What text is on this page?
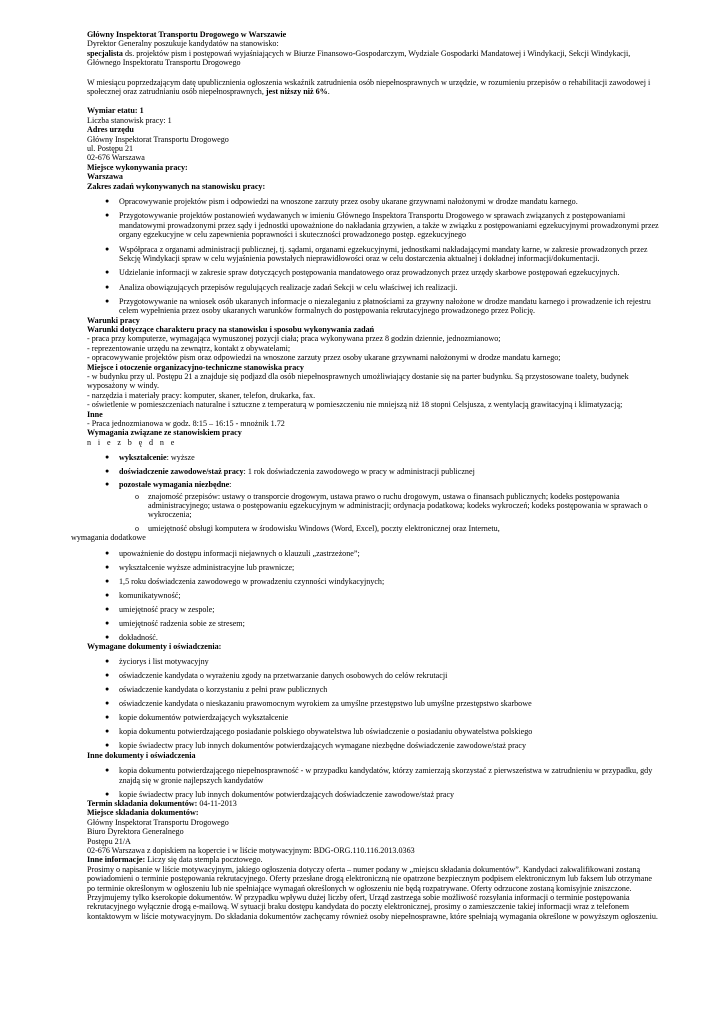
Główny Inspektorat Transportu Drogowego w Warszawie

Dyrektor Generalny poszukuje kandydatów na stanowisko:

specjalista ds. projektów pism i postępowań wyjaśniających w Biurze Finansowo-Gospodarczym, Wydziale Gospodarki Mandatowej i Windykacji, Sekcji Windykacji, Głównego Inspektoratu Transportu Drogowego

W miesiącu poprzedzającym datę upublicznienia ogłoszenia wskaźnik zatrudnienia osób niepełnosprawnych w urzędzie, w rozumieniu przepisów o rehabilitacji zawodowej i społecznej oraz zatrudnianiu osób niepełnosprawnych, jest niższy niż 6%.

Wymiar etatu: 1

Liczba stanowisk pracy: 1

Adres urzędu

Główny Inspektorat Transportu Drogowego

ul. Postępu 21

02-676 Warszawa

Miejsce wykonywania pracy:

Warszawa

Zakres zadań wykonywanych na stanowisku pracy:

● Opracowywanie projektów pism i odpowiedzi na wnoszone zarzuty przez osoby ukarane grzywnami nałożonymi w drodze mandatu karnego.
● Przygotowywanie projektów postanowień wydawanych w imieniu Głównego Inspektora Transportu Drogowego w sprawach związanych z postępowaniami mandatowymi prowadzonymi przez sądy i jednostki upoważnione do nakładania grzywien, a także w związku z postępowaniami egzekucyjnymi prowadzonymi przez organy egzekucyjne w celu zapewnienia poprawności i skuteczności prowadzonego postęp. egzekucyjnego
● Współpraca z organami administracji publicznej, tj. sądami, organami egzekucyjnymi, jednostkami nakładającymi mandaty karne, w zakresie prowadzonych przez Sekcję Windykacji spraw w celu wyjaśnienia powstałych nieprawidłowości oraz w celu dostarczenia aktualnej i dokładnej informacji/dokumentacji.
● Udzielanie informacji w zakresie spraw dotyczących postępowania mandatowego oraz prowadzonych przez urzędy skarbowe postępowań egzekucyjnych.
● Analiza obowiązujących przepisów regulujących realizacje zadań Sekcji w celu właściwej ich realizacji.
● Przygotowywanie na wniosek osób ukaranych informacje o niezaleganiu z płatnościami za grzywny nałożone w drodze mandatu karnego i prowadzenie ich rejestru celem wypełnienia przez osoby ukaranych warunków formalnych do postępowania rekrutacyjnego prowadzonego przez Policję.

Warunki pracy

Warunki dotyczące charakteru pracy na stanowisku i sposobu wykonywania zadań

- praca przy komputerze, wymagająca wymuszonej pozycji ciała; praca wykonywana przez 8 godzin dziennie, jednozmianowo;

- reprezentowanie urzędu na zewnątrz, kontakt z obywatelami;

- opracowywanie projektów pism oraz odpowiedzi na wnoszone zarzuty przez osoby ukarane grzywnami nałożonymi w drodze mandatu karnego;

Miejsce i otoczenie organizacyjno-techniczne stanowiska pracy

- w budynku przy ul. Postępu 21 a znajduje się podjazd dla osób niepełnosprawnych umożliwiający dostanie się na parter budynku. Są przystosowane toalety, budynek wyposażony w windy.

- narzędzia i materiały pracy: komputer, skaner, telefon, drukarka, fax.

- oświetlenie w pomieszczeniach naturalne i sztuczne z temperaturą w pomieszczeniu nie mniejszą niż 18 stopni Celsjusza, z wentylacją grawitacyjną i klimatyzacją;

Inne

- Praca jednozmianowa w godz. 8:15 – 16:15 - mnożnik 1.72

Wymagania związane ze stanowiskiem pracy

n i e z b ę d n e

● wykształcenie: wyższe
● doświadczenie zawodowe/staż pracy: 1 rok doświadczenia zawodowego w pracy w administracji publicznej
● pozostałe wymagania niezbędne:
o znajomość przepisów: ustawy o transporcie drogowym, ustawa prawo o ruchu drogowym, ustawa o finansach publicznych; kodeks postępowania administracyjnego; ustawa o postępowaniu egzekucyjnym w administracji; ordynacja podatkowa; kodeks wykroczeń; kodeks postępowania w sprawach o wykroczenia;
o umiejętność obsługi komputera w środowisku Windows (Word, Excel), poczty elektronicznej oraz Internetu,

wymagania dodatkowe

● upoważnienie do dostępu informacji niejawnych o klauzuli „zastrzeżone”;
● wykształcenie wyższe administracyjne lub prawnicze;
● 1,5 roku doświadczenia zawodowego w prowadzeniu czynności windykacyjnych;
● komunikatywność;
● umiejętność pracy w zespole;
● umiejętność radzenia sobie ze stresem;
● dokładność.

Wymagane dokumenty i oświadczenia:

● życiorys i list motywacyjny
● oświadczenie kandydata o wyrażeniu zgody na przetwarzanie danych osobowych do celów rekrutacji
● oświadczenie kandydata o korzystaniu z pełni praw publicznych
● oświadczenie kandydata o nieskazaniu prawomocnym wyrokiem za umyślne przestępstwo lub umyślne przestępstwo skarbowe
● kopie dokumentów potwierdzających wykształcenie
● kopia dokumentu potwierdzającego posiadanie polskiego obywatelstwa lub oświadczenie o posiadaniu obywatelstwa polskiego
● kopie świadectw pracy lub innych dokumentów potwierdzających wymagane niezbędne doświadczenie zawodowe/staż pracy

Inne dokumenty i oświadczenia

● kopia dokumentu potwierdzającego niepełnosprawność - w przypadku kandydatów, którzy zamierzają skorzystać z pierwszeństwa w zatrudnieniu w przypadku, gdy znajdą się w gronie najlepszych kandydatów
● kopie świadectw pracy lub innych dokumentów potwierdzających doświadczenie zawodowe/staż pracy

Termin składania dokumentów: 04-11-2013

Miejsce składania dokumentów:

Główny Inspektorat Transportu Drogowego

Biuro Dyrektora Generalnego

Postępu 21/A

02-676 Warszawa z dopiskiem na kopercie i w liście motywacyjnym: BDG-ORG.110.116.2013.0363

Inne informacje: Liczy się data stempla pocztowego.

Prosimy o napisanie w liście motywacyjnym, jakiego ogłoszenia dotyczy oferta – numer podany w „miejscu składania dokumentów”. Kandydaci zakwalifikowani zostaną powiadomieni o terminie postępowania rekrutacyjnego. Oferty przesłane drogą elektroniczną nie opatrzone bezpiecznym podpisem elektronicznym lub faksem lub otrzymane po terminie określonym w ogłoszeniu lub nie spełniające wymagań określonych w ogłoszeniu nie będą rozpatrywane. Oferty odrzucone zostaną komisyjnie zniszczone. Przyjmujemy tylko kserokopie dokumentów. W przypadku wpływu dużej liczby ofert, Urząd zastrzega sobie możliwość rozsyłania informacji o terminie postępowania rekrutacyjnego wyłącznie drogą e-mailową. W sytuacji braku dostępu kandydata do poczty elektronicznej, prosimy o zamieszczenie takiej informacji wraz z telefonem kontaktowym w liście motywacyjnym. Do składania dokumentów zachęcamy również osoby niepełnosprawne, które spełniają wymagania określone w powyższym ogłoszeniu.
